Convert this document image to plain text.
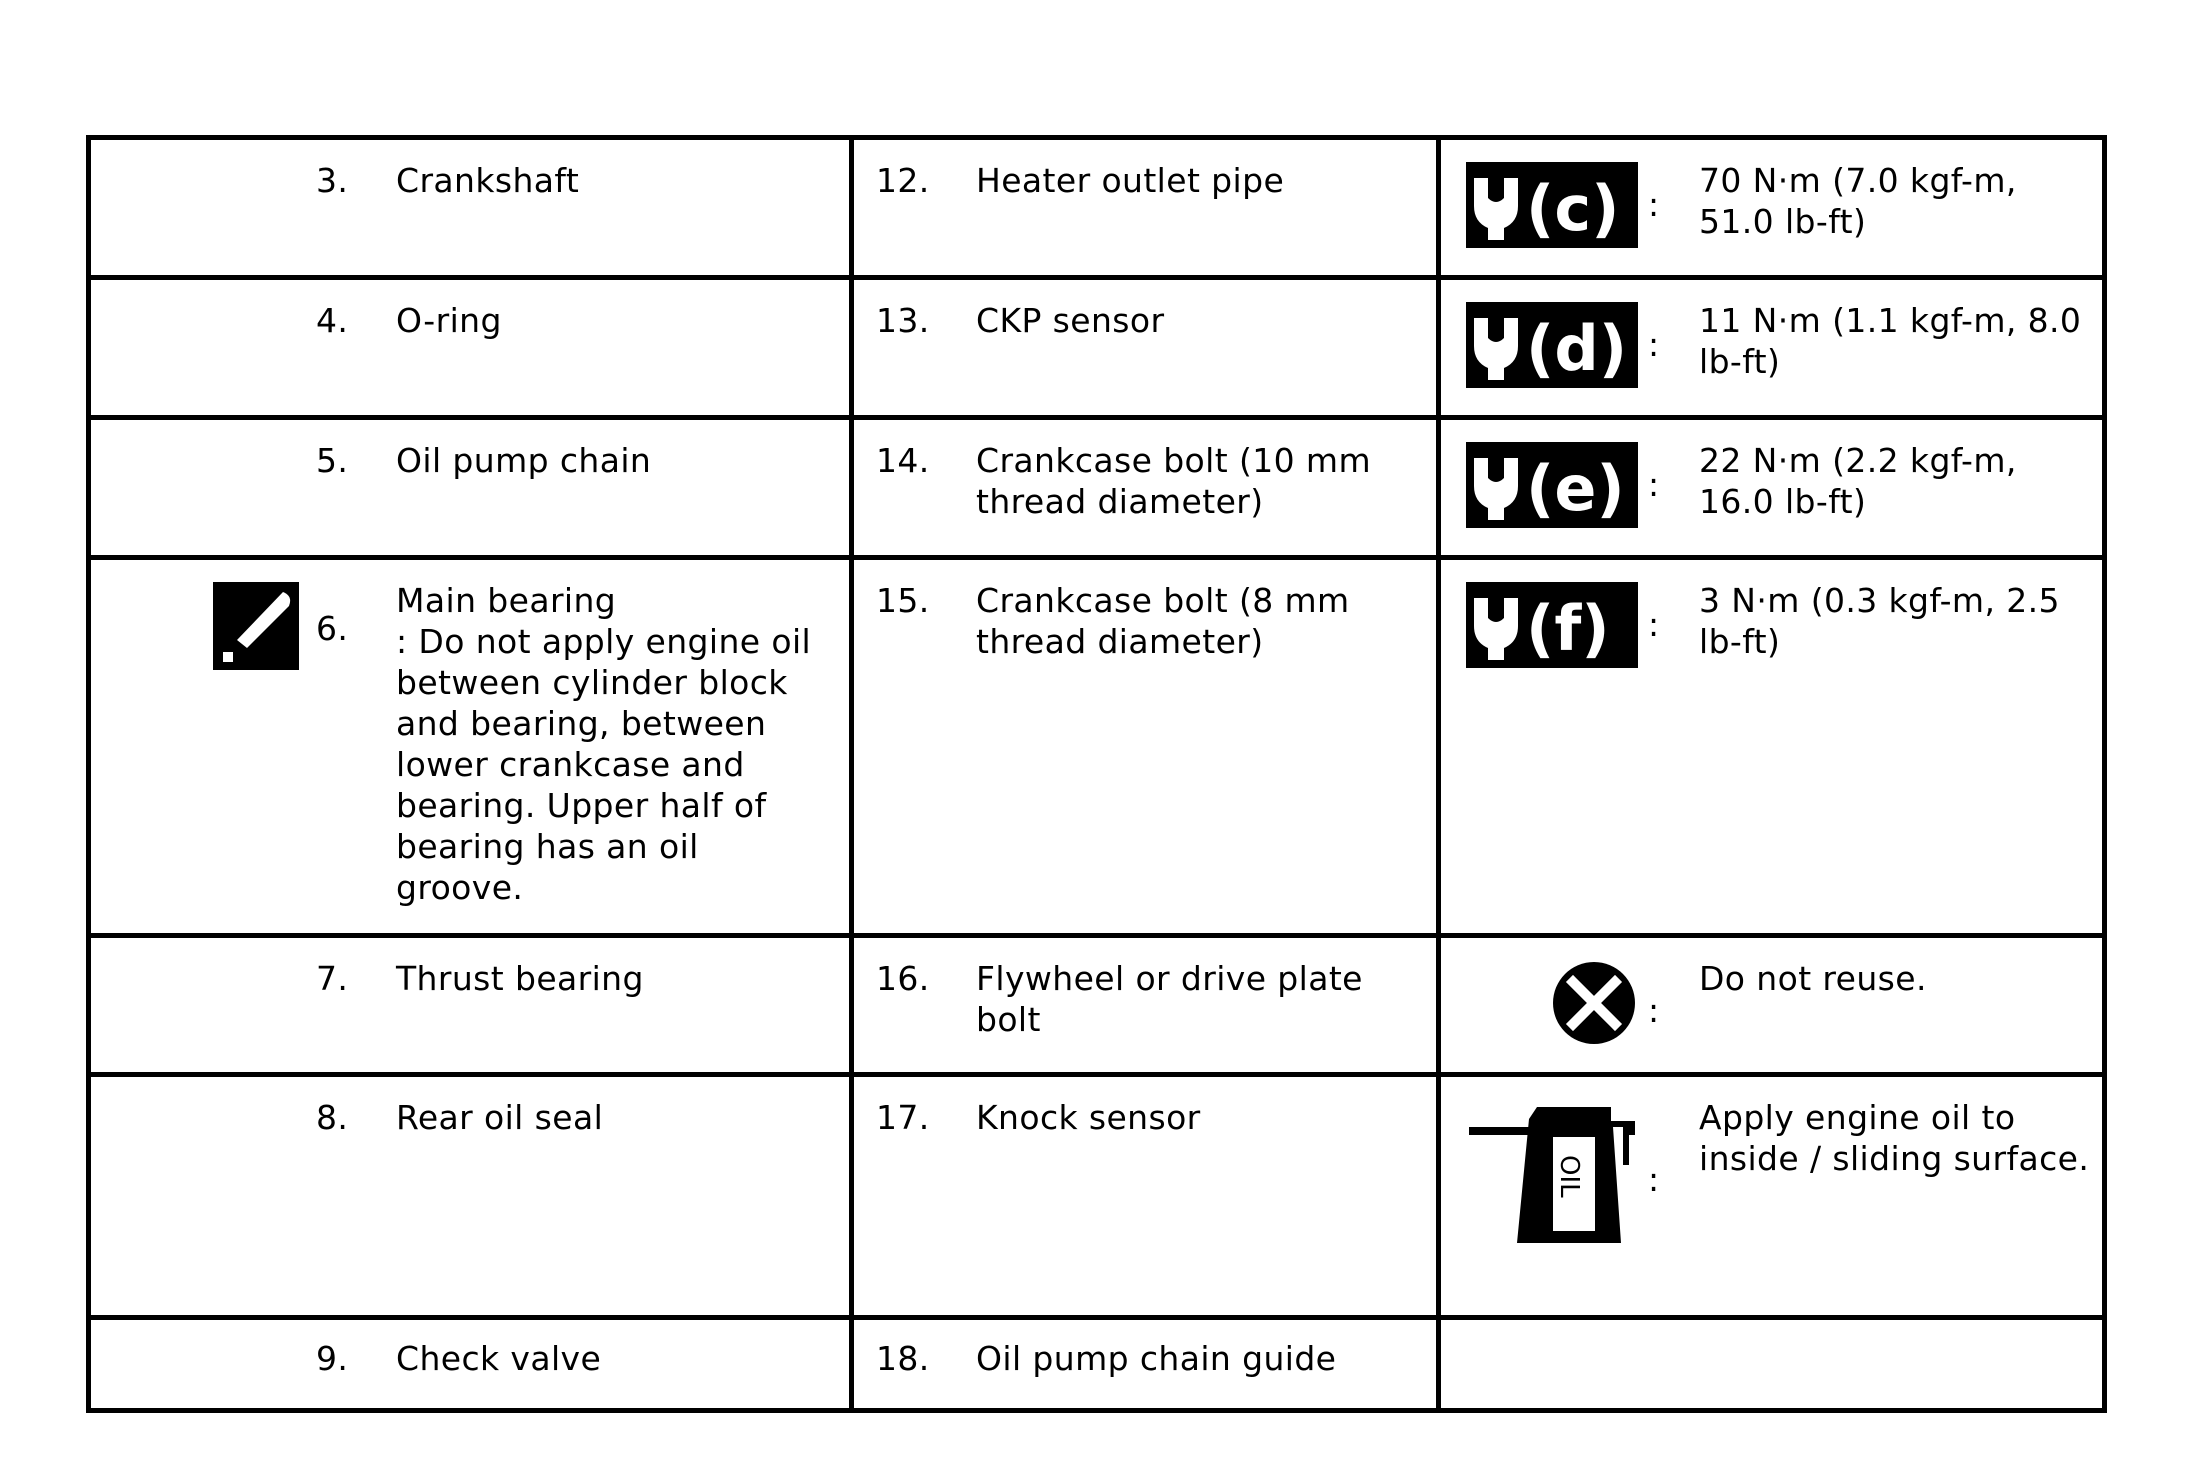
3. Crankshaft	12. Heater outlet pipe	(c) :
70 N·m (7.0 kgf-m, 51.0 lb-ft)

4. O-ring	13. CKP sensor	(d) :
11 N·m (1.1 kgf-m, 8.0 lb-ft)

5. Oil pump chain	14. Crankcase bolt (10 mm thread diameter)	(e) :
22 N·m (2.2 kgf-m, 16.0 lb-ft)

6.
Main bearing
: Do not apply engine oil between cylinder block and bearing, between lower crankcase and bearing. Upper half of bearing has an oil groove.	15. Crankcase bolt (8 mm thread diameter)	(f) :
3 N·m (0.3 kgf-m, 2.5 lb-ft)

7. Thrust bearing	16. Flywheel or drive plate bolt	:
Do not reuse.

8. Rear oil seal	17. Knock sensor	OIL :
Apply engine oil to inside / sliding surface.

9. Check valve	18. Oil pump chain guide	
